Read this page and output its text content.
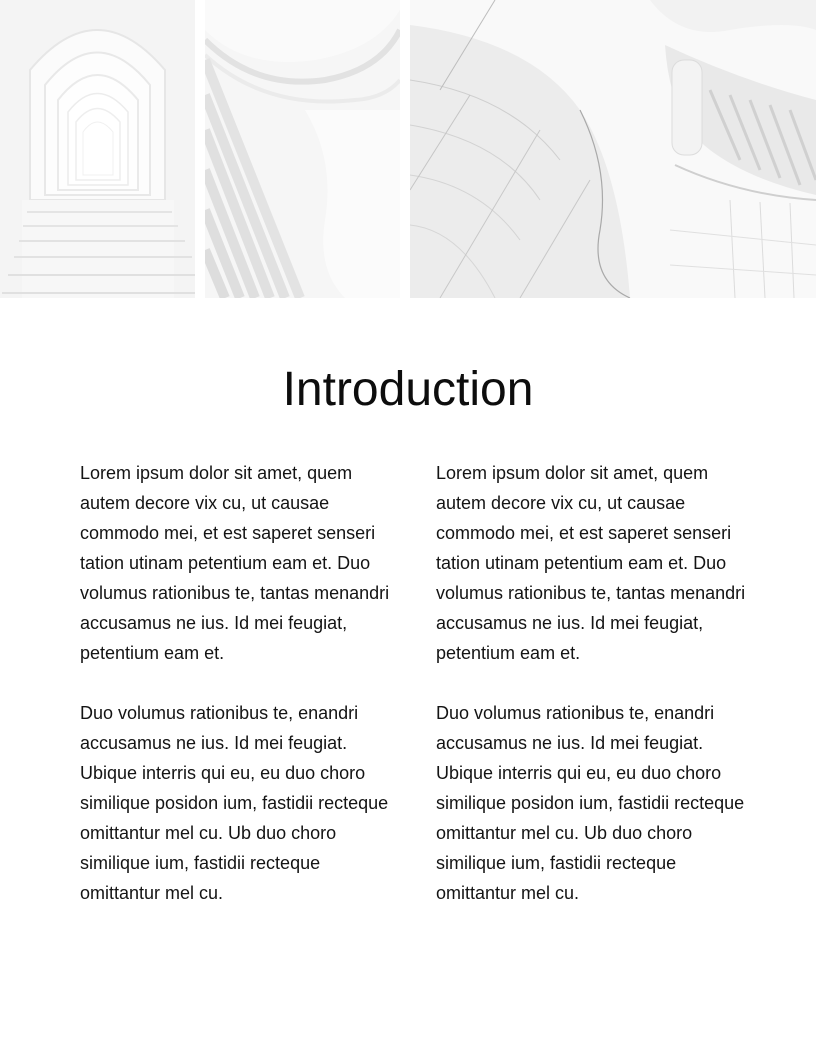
Introduction

Lorem ipsum dolor sit amet, quem autem decore vix cu, ut causae commodo mei, et est saperet senseri tation utinam petentium eam et. Duo volumus rationibus te, tantas menandri accusamus ne ius. Id mei feugiat, petentium eam et.

Duo volumus rationibus te, enandri accusamus ne ius. Id mei feugiat. Ubique interris qui eu, eu duo choro similique posidon ium, fastidii recteque omittantur mel cu. Ub duo choro similique ium, fastidii recteque omittantur mel cu.

Lorem ipsum dolor sit amet, quem autem decore vix cu, ut causae commodo mei, et est saperet senseri tation utinam petentium eam et. Duo volumus rationibus te, tantas menandri accusamus ne ius. Id mei feugiat, petentium eam et.

Duo volumus rationibus te, enandri accusamus ne ius. Id mei feugiat. Ubique interris qui eu, eu duo choro similique posidon ium, fastidii recteque omittantur mel cu. Ub duo choro similique ium, fastidii recteque omittantur mel cu.
